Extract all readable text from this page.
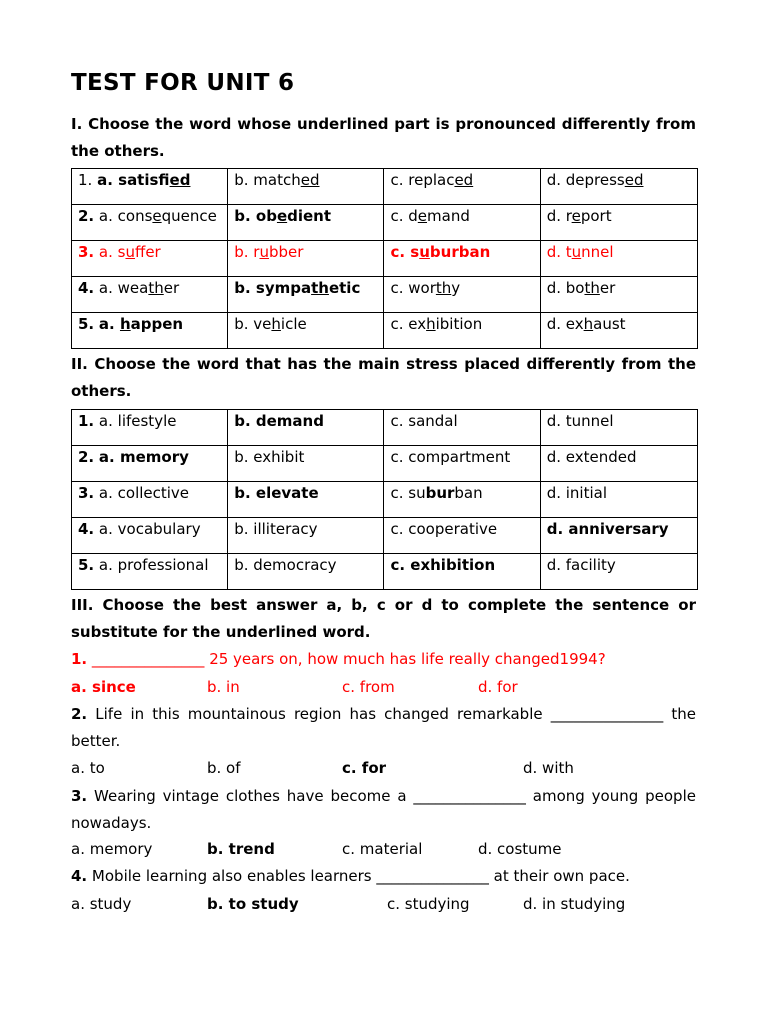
TEST FOR UNIT 6
I. Choose the word whose underlined part is pronounced differently from the others.
1. a. satisfied	b. matched	c. replaced	d. depressed
2. a. consequence	b. obedient	c. demand	d. report
3. a. suffer	b. rubber	c. suburban	d. tunnel
4. a. weather	b. sympathetic	c. worthy	d. bother
5. a. happen	b. vehicle	c. exhibition	d. exhaust
II. Choose the word that has the main stress placed differently from the others.
1. a. lifestyle	b. demand	c. sandal	d. tunnel
2. a. memory	b. exhibit	c. compartment	d. extended
3. a. collective	b. elevate	c. suburban	d. initial
4. a. vocabulary	b. illiteracy	c. cooperative	d. anniversary
5. a. professional	b. democracy	c. exhibition	d. facility
III. Choose the best answer a, b, c or d to complete the sentence or substitute for the underlined word.
1. _______________ 25 years on, how much has life really changed1994?
a. since	b. in	c. from	d. for
2. Life in this mountainous region has changed remarkable _______________ the better.
a. to	b. of	c. for	d. with
3. Wearing vintage clothes have become a _______________ among young people nowadays.
a. memory	b. trend	c. material	d. costume
4. Mobile learning also enables learners _______________ at their own pace.
a. study	b. to study	c. studying	d. in studying
